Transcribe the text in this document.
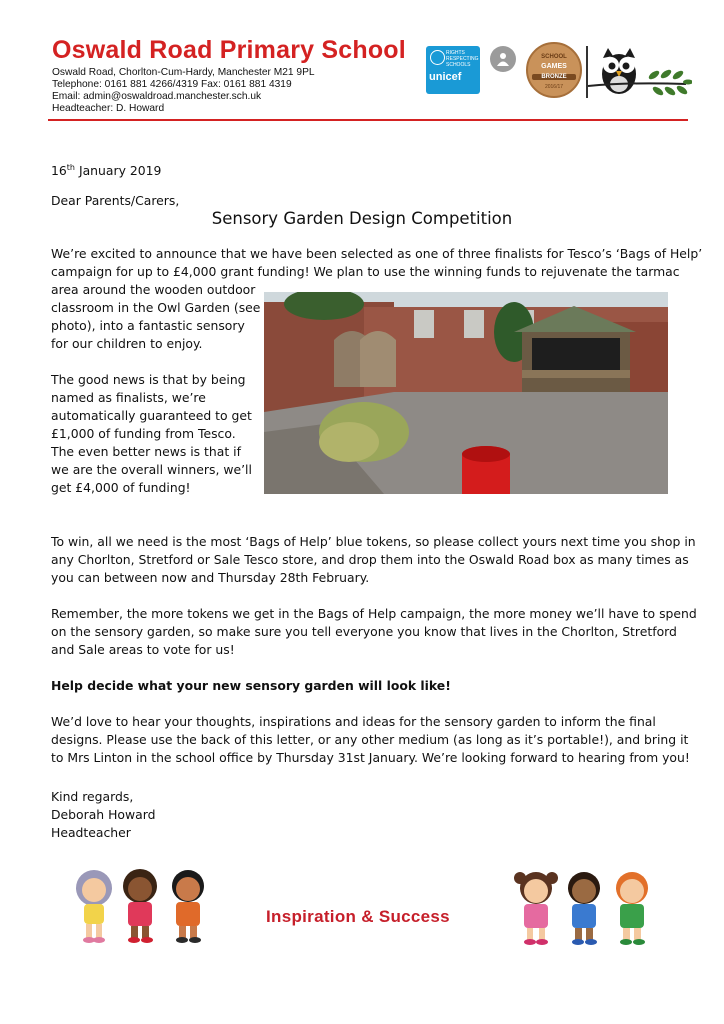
Oswald Road Primary School
Oswald Road, Chorlton-Cum-Hardy, Manchester M21 9PL
Telephone: 0161 881 4266/4319 Fax: 0161 881 4319
Email: admin@oswaldroad.manchester.sch.uk
Headteacher: D. Howard
RIGHTS RESPECTING SCHOOLS
unicef
SCHOOL
GAMES
BRONZE
2016/17
16th January 2019
Dear Parents/Carers,
Sensory Garden Design Competition
We’re excited to announce that we have been selected as one of three finalists for Tesco’s ‘Bags of Help’
campaign for up to £4,000 grant funding! We plan to use the winning funds to rejuvenate the tarmac
area around the wooden outdoor
classroom in the Owl Garden (see
photo), into a fantastic sensory
for our children to enjoy.
The good news is that by being
named as finalists, we’re
automatically guaranteed to get
£1,000 of funding from Tesco.
The even better news is that if
we are the overall winners, we’ll
get £4,000 of funding!
To win, all we need is the most ‘Bags of Help’ blue tokens, so please collect yours next time you shop in
any Chorlton, Stretford or Sale Tesco store, and drop them into the Oswald Road box as many times as
you can between now and Thursday 28th February.
Remember, the more tokens we get in the Bags of Help campaign, the more money we’ll have to spend
on the sensory garden, so make sure you tell everyone you know that lives in the Chorlton, Stretford
and Sale areas to vote for us!
Help decide what your new sensory garden will look like!
We’d love to hear your thoughts, inspirations and ideas for the sensory garden to inform the final
designs. Please use the back of this letter, or any other medium (as long as it’s portable!), and bring it
to Mrs Linton in the school office by Thursday 31st January. We’re looking forward to hearing from you!
Kind regards,
Deborah Howard
Headteacher
Inspiration & Success
